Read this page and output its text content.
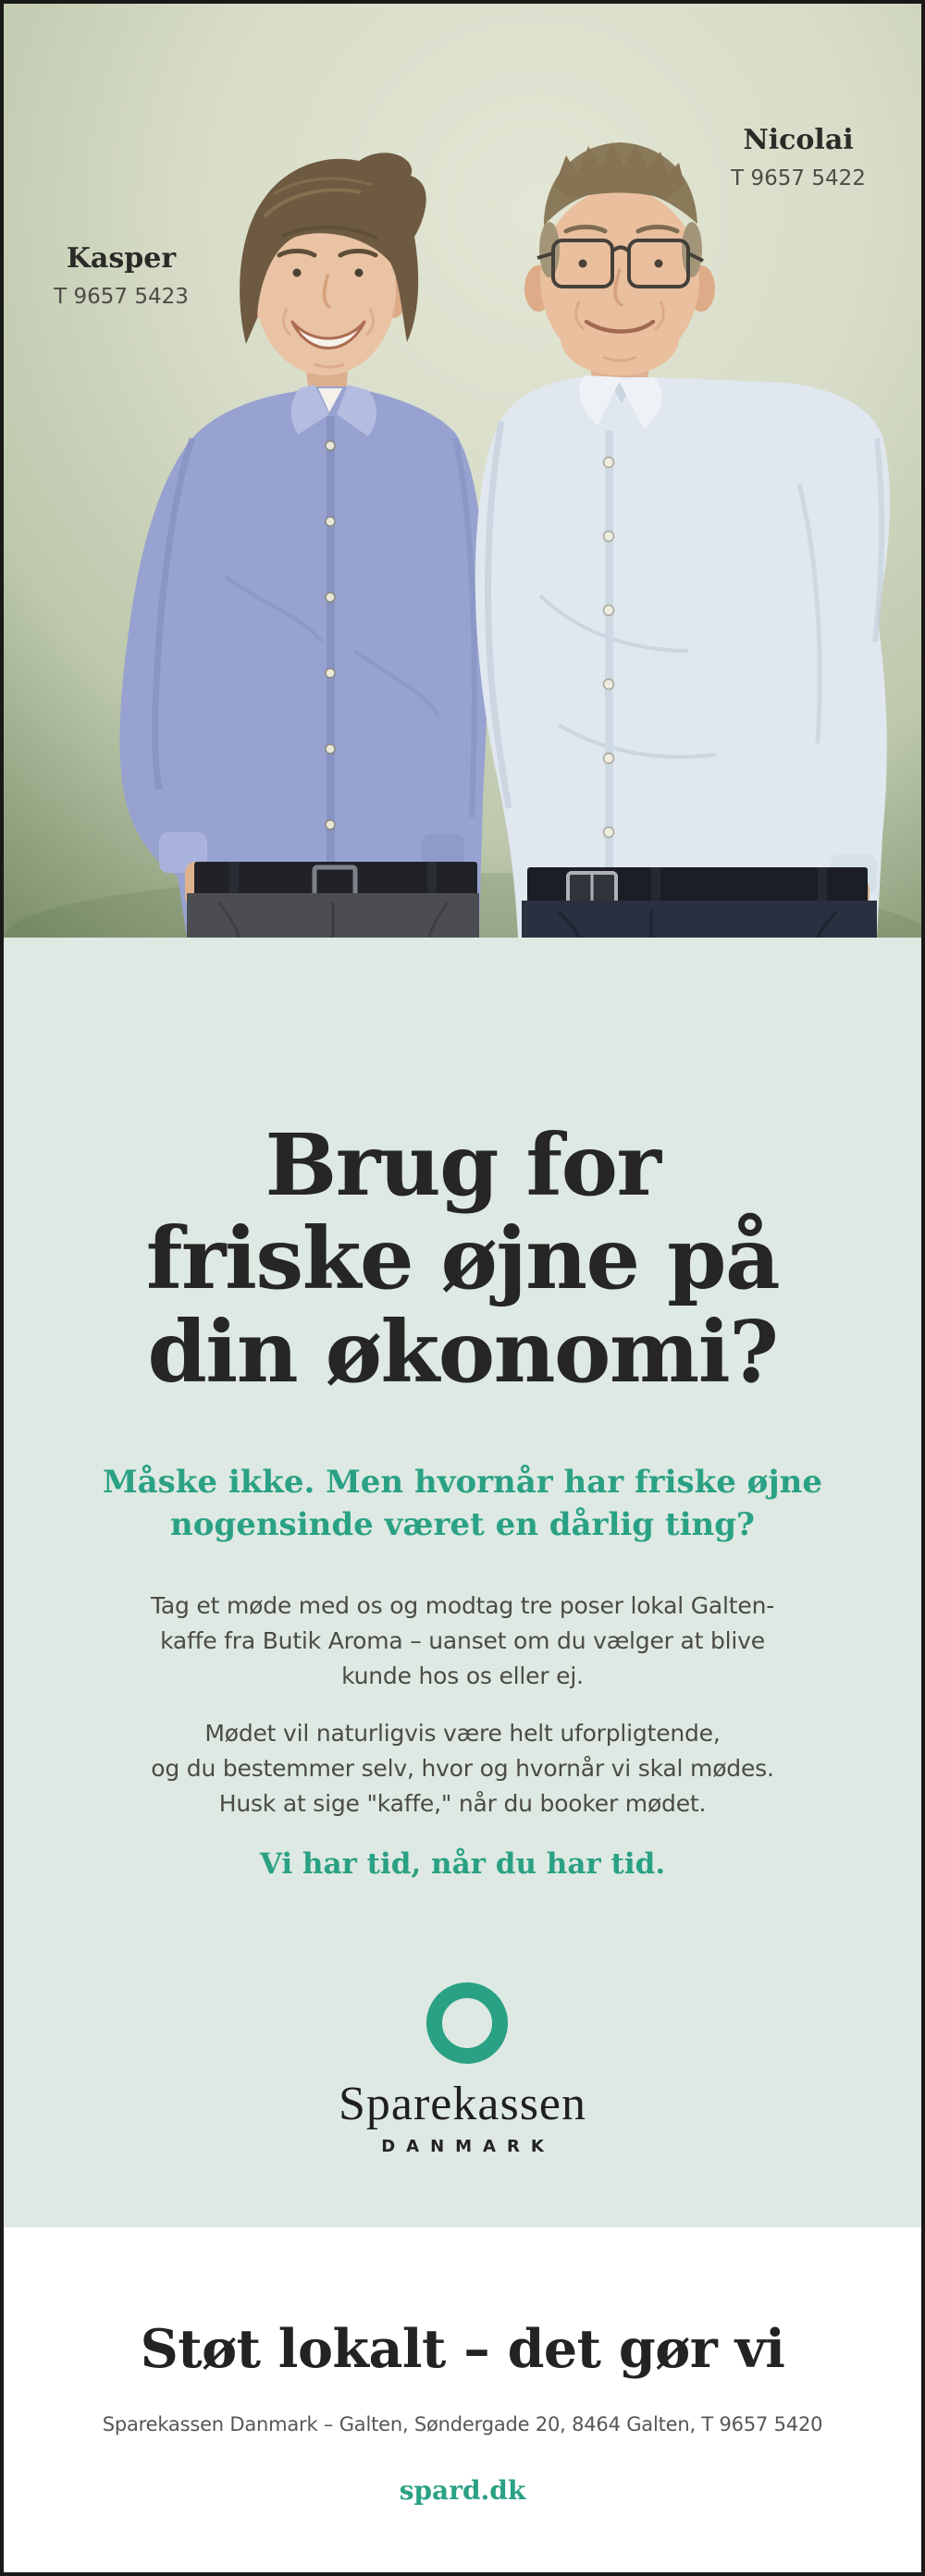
Kasper
T 9657 5423
Nicolai
T 9657 5422
Brug for
friske øjne på
din økonomi?
Måske ikke. Men hvornår har friske øjne
nogensinde været en dårlig ting?
Tag et møde med os og modtag tre poser lokal Galten-
kaffe fra Butik Aroma – uanset om du vælger at blive
kunde hos os eller ej.
Mødet vil naturligvis være helt uforpligtende,
og du bestemmer selv, hvor og hvornår vi skal mødes.
Husk at sige "kaffe," når du booker mødet.
Vi har tid, når du har tid.
Sparekassen
DANMARK
Støt lokalt – det gør vi
Sparekassen Danmark – Galten, Søndergade 20, 8464 Galten, T 9657 5420
spard.dk
